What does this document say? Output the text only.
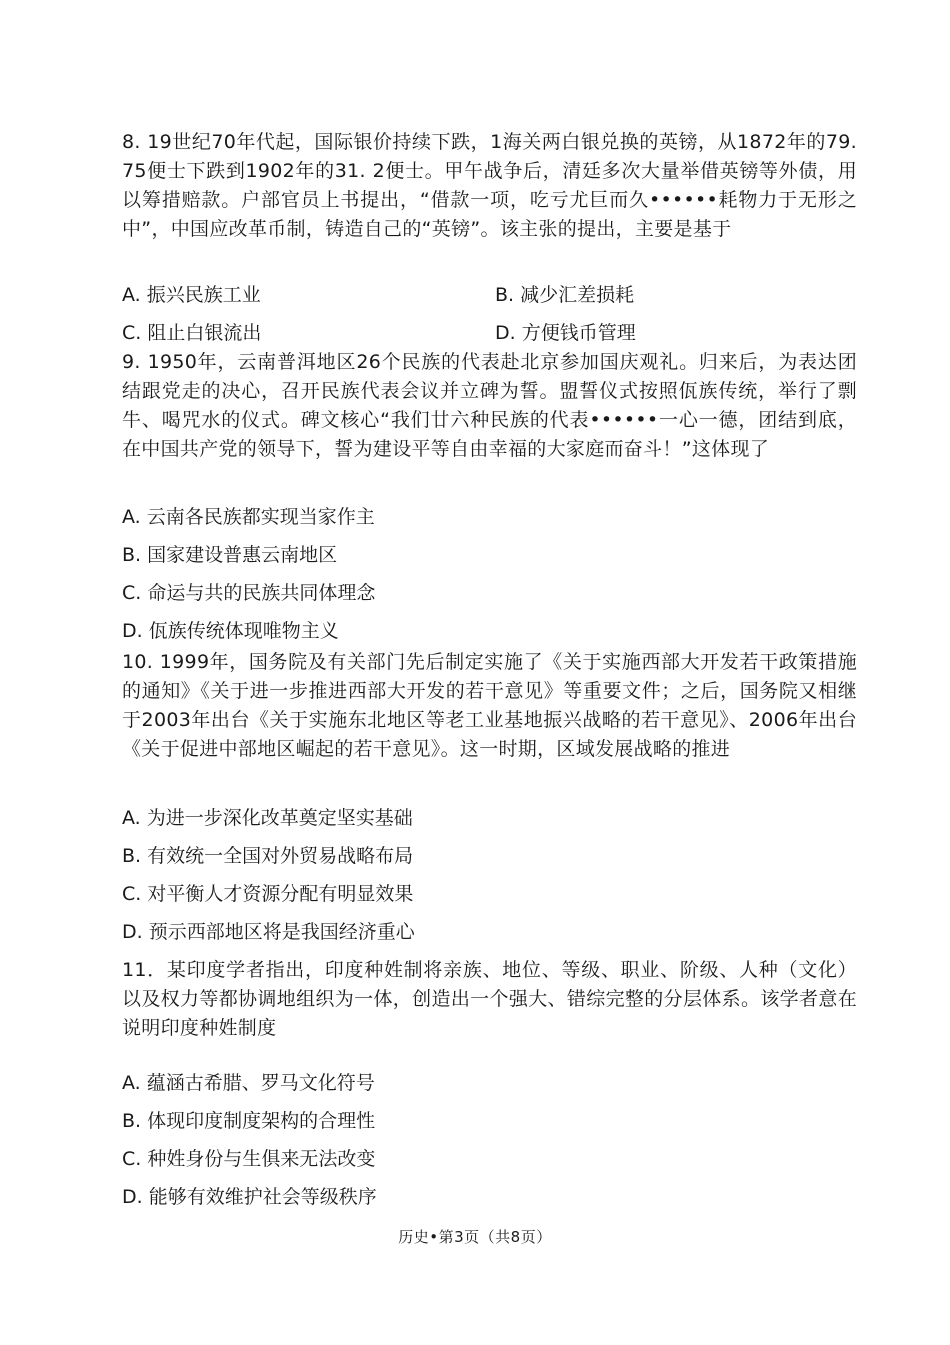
8. 19世纪70年代起，国际银价持续下跌，1海关两白银兑换的英镑，从1872年的79. 75便士下跌到1902年的31. 2便士。甲午战争后，清廷多次大量举借英镑等外债，用以筹措赔款。户部官员上书提出，“借款一项，吃亏尤巨而久••••••耗物力于无形之中”，中国应改革币制，铸造自己的“英镑”。该主张的提出，主要是基于

A. 振兴民族工业	B. 减少汇差损耗

C. 阻止白银流出	D. 方便钱币管理

9. 1950年，云南普洱地区26个民族的代表赴北京参加国庆观礼。归来后，为表达团结跟党走的决心，召开民族代表会议并立碑为誓。盟誓仪式按照佤族传统，举行了剽牛、喝咒水的仪式。碑文核心“我们廿六种民族的代表••••••一心一德，团结到底，在中国共产党的领导下，誓为建设平等自由幸福的大家庭而奋斗！”这体现了

A. 云南各民族都实现当家作主

B. 国家建设普惠云南地区

C. 命运与共的民族共同体理念

D. 佤族传统体现唯物主义

10. 1999年，国务院及有关部门先后制定实施了《关于实施西部大开发若干政策措施的通知》《关于进一步推进西部大开发的若干意见》等重要文件；之后，国务院又相继于2003年出台《关于实施东北地区等老工业基地振兴战略的若干意见》、2006年出台《关于促进中部地区崛起的若干意见》。这一时期，区域发展战略的推进

A. 为进一步深化改革奠定坚实基础

B. 有效统一全国对外贸易战略布局

C. 对平衡人才资源分配有明显效果

D. 预示西部地区将是我国经济重心

11．某印度学者指出，印度种姓制将亲族、地位、等级、职业、阶级、人种（文化）以及权力等都协调地组织为一体，创造出一个强大、错综完整的分层体系。该学者意在说明印度种姓制度

A. 蕴涵古希腊、罗马文化符号

B. 体现印度制度架构的合理性

C. 种姓身份与生俱来无法改变

D. 能够有效维护社会等级秩序

历史•第3页（共8页）
